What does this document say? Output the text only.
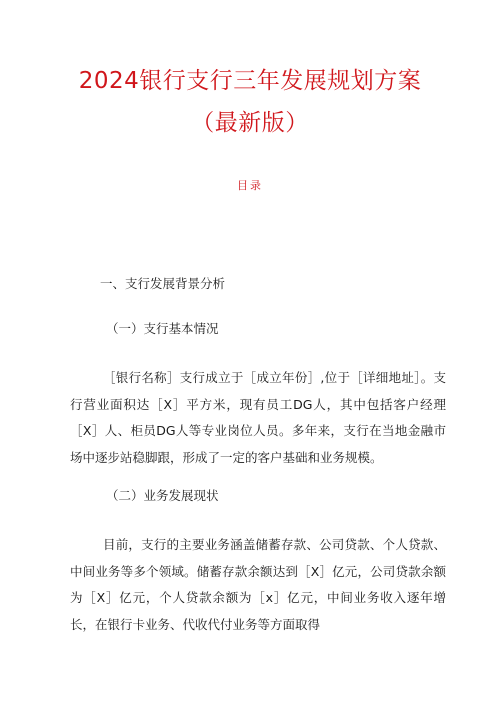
2024银行支行三年发展规划方案
（最新版）
目录
一、支行发展背景分析
（一）支行基本情况
［银行名称］支行成立于［成立年份］,位于［详细地址］。支行营业面积达［X］平方米，现有员工DG人，其中包括客户经理［X］人、柜员DG人等专业岗位人员。多年来，支行在当地金融市场中逐步站稳脚跟，形成了一定的客户基础和业务规模。
（二）业务发展现状
目前，支行的主要业务涵盖储蓄存款、公司贷款、个人贷款、中间业务等多个领域。储蓄存款余额达到［X］亿元，公司贷款余额为［X］亿元，个人贷款余额为［x］亿元，中间业务收入逐年增长，在银行卡业务、代收代付业务等方面取得
